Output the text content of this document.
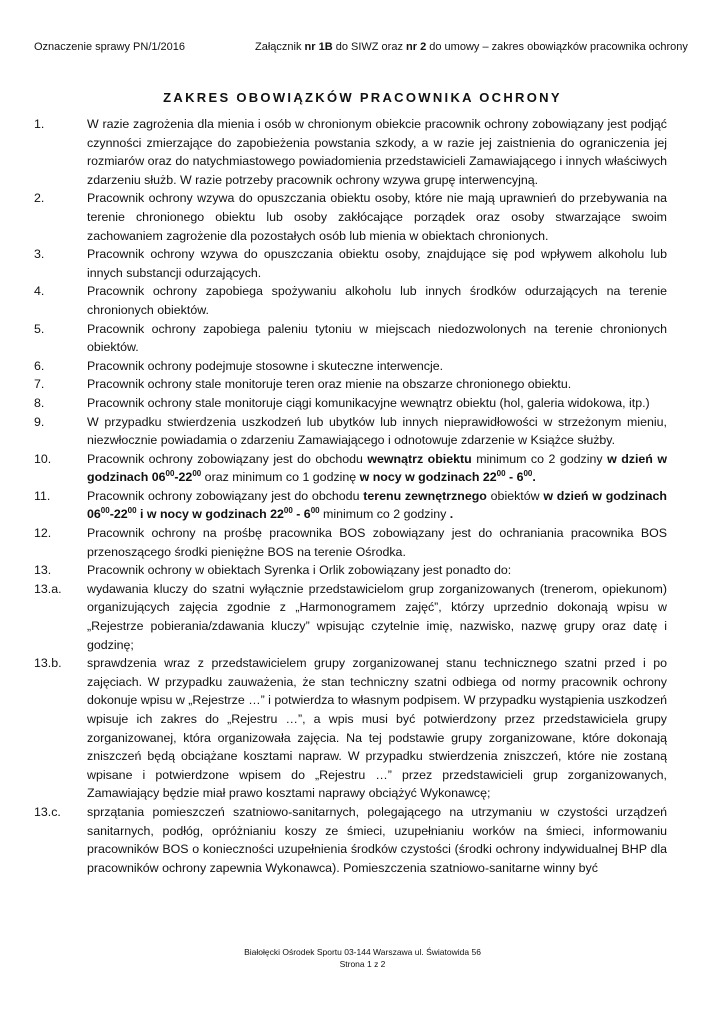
Oznaczenie sprawy PN/1/2016	Załącznik nr 1B do SIWZ oraz nr 2 do umowy – zakres obowiązków pracownika ochrony
ZAKRES OBOWIĄZKÓW PRACOWNIKA OCHRONY
1.	W razie zagrożenia dla mienia i osób w chronionym obiekcie pracownik ochrony zobowiązany jest podjąć czynności zmierzające do zapobieżenia powstania szkody, a w razie jej zaistnienia do ograniczenia jej rozmiarów oraz do natychmiastowego powiadomienia przedstawicieli Zamawiającego i innych właściwych zdarzeniu służb. W razie potrzeby pracownik ochrony wzywa grupę interwencyjną.
2.	Pracownik ochrony wzywa do opuszczania obiektu osoby, które nie mają uprawnień do przebywania na terenie chronionego obiektu lub osoby zakłócające porządek oraz osoby stwarzające swoim zachowaniem zagrożenie dla pozostałych osób lub mienia w obiektach chronionych.
3.	Pracownik ochrony wzywa do opuszczania obiektu osoby, znajdujące się pod wpływem alkoholu lub innych substancji odurzających.
4.	Pracownik ochrony zapobiega spożywaniu alkoholu lub innych środków odurzających na terenie chronionych obiektów.
5.	Pracownik ochrony zapobiega paleniu tytoniu w miejscach niedozwolonych na terenie chronionych obiektów.
6.	Pracownik ochrony podejmuje stosowne i skuteczne interwencje.
7.	Pracownik ochrony stale monitoruje teren oraz mienie na obszarze chronionego obiektu.
8.	Pracownik ochrony stale monitoruje ciągi komunikacyjne wewnątrz obiektu (hol, galeria widokowa, itp.)
9.	W przypadku stwierdzenia uszkodzeń lub ubytków lub innych nieprawidłowości w strzeżonym mieniu, niezwłocznie powiadamia o zdarzeniu Zamawiającego i odnotowuje zdarzenie w Książce służby.
10.	Pracownik ochrony zobowiązany jest do obchodu wewnątrz obiektu minimum co 2 godziny w dzień w godzinach $06^{00}-22^{00}$ oraz minimum co 1 godzinę w nocy w godzinach $22^{00} - 6^{00}$.
11.	Pracownik ochrony zobowiązany jest do obchodu terenu zewnętrznego obiektów w dzień w godzinach $06^{00}-22^{00}$ i w nocy w godzinach $22^{00} - 6^{00}$ minimum co 2 godziny .
12.	Pracownik ochrony na prośbę pracownika BOS zobowiązany jest do ochraniania pracownika BOS przenoszącego środki pieniężne BOS na terenie Ośrodka.
13.	Pracownik ochrony w obiektach Syrenka i Orlik zobowiązany jest ponadto do:
13.a.	wydawania kluczy do szatni wyłącznie przedstawicielom grup zorganizowanych (trenerom, opiekunom) organizujących zajęcia zgodnie z „Harmonogramem zajęć”, którzy uprzednio dokonają wpisu w „Rejestrze pobierania/zdawania kluczy” wpisując czytelnie imię, nazwisko, nazwę grupy oraz datę i godzinę;
13.b.	sprawdzenia wraz z przedstawicielem grupy zorganizowanej stanu technicznego szatni przed i po zajęciach. W przypadku zauważenia, że stan techniczny szatni odbiega od normy pracownik ochrony dokonuje wpisu w „Rejestrze …” i potwierdza to własnym podpisem. W przypadku wystąpienia uszkodzeń wpisuje ich zakres do „Rejestru …”, a wpis musi być potwierdzony przez przedstawiciela grupy zorganizowanej, która organizowała zajęcia. Na tej podstawie grupy zorganizowane, które dokonają zniszczeń będą obciążane kosztami napraw. W przypadku stwierdzenia zniszczeń, które nie zostaną wpisane i potwierdzone wpisem do „Rejestru …” przez przedstawicieli grup zorganizowanych, Zamawiający będzie miał prawo kosztami naprawy obciążyć Wykonawcę;
13.c.	sprzątania pomieszczeń szatniowo-sanitarnych, polegającego na utrzymaniu w czystości urządzeń sanitarnych, podłóg, opróżnianiu koszy ze śmieci, uzupełnianiu worków na śmieci, informowaniu pracowników BOS o konieczności uzupełnienia środków czystości (środki ochrony indywidualnej BHP dla pracowników ochrony zapewnia Wykonawca). Pomieszczenia szatniowo-sanitarne winny być
Białołęcki Ośrodek Sportu 03-144 Warszawa ul. Światowida 56
Strona 1 z 2
